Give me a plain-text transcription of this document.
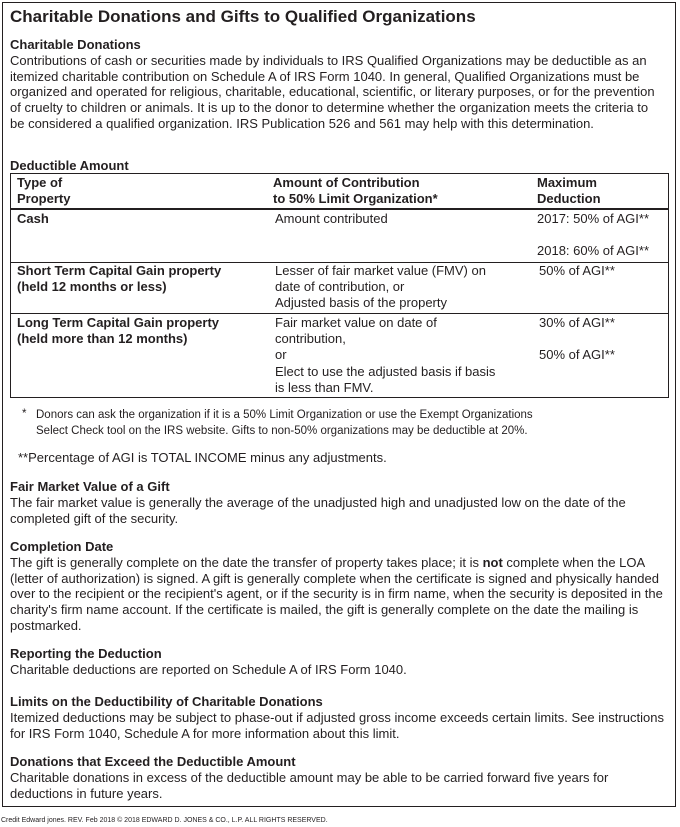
Charitable Donations and Gifts to Qualified Organizations
Charitable Donations

Contributions of cash or securities made by individuals to IRS Qualified Organizations may be deductible as an itemized charitable contribution on Schedule A of IRS Form 1040. In general, Qualified Organizations must be organized and operated for religious, charitable, educational, scientific, or literary purposes, or for the prevention of cruelty to children or animals. It is up to the donor to determine whether the organization meets the criteria to be considered a qualified organization. IRS Publication 526 and 561 may help with this determination.

Deductible Amount
Type of
Property
Amount of Contribution
to 50% Limit Organization*
Maximum
Deduction
Cash	Amount contributed	2017: 50% of AGI**

2018: 60% of AGI**
Short Term Capital Gain property
(held 12 months or less)
Lesser of fair market value (FMV) on
date of contribution, or
Adjusted basis of the property
50% of AGI**
Long Term Capital Gain property
(held more than 12 months)
Fair market value on date of
contribution,
or
Elect to use the adjusted basis if basis
is less than FMV.
30% of AGI**

50% of AGI**
* Donors can ask the organization if it is a 50% Limit Organization or use the Exempt Organizations
Select Check tool on the IRS website. Gifts to non-50% organizations may be deductible at 20%.
**Percentage of AGI is TOTAL INCOME minus any adjustments.
Fair Market Value of a Gift

The fair market value is generally the average of the unadjusted high and unadjusted low on the date of the completed gift of the security.

Completion Date

The gift is generally complete on the date the transfer of property takes place; it is not complete when the LOA (letter of authorization) is signed. A gift is generally complete when the certificate is signed and physically handed over to the recipient or the recipient's agent, or if the security is in firm name, when the security is deposited in the charity's firm name account. If the certificate is mailed, the gift is generally complete on the date the mailing is postmarked.

Reporting the Deduction

Charitable deductions are reported on Schedule A of IRS Form 1040.

Limits on the Deductibility of Charitable Donations

Itemized deductions may be subject to phase-out if adjusted gross income exceeds certain limits. See instructions for IRS Form 1040, Schedule A for more information about this limit.

Donations that Exceed the Deductible Amount

Charitable donations in excess of the deductible amount may be able to be carried forward five years for deductions in future years.

Credit Edward jones. REV. Feb 2018 © 2018 EDWARD D. JONES & CO., L.P. ALL RIGHTS RESERVED.
